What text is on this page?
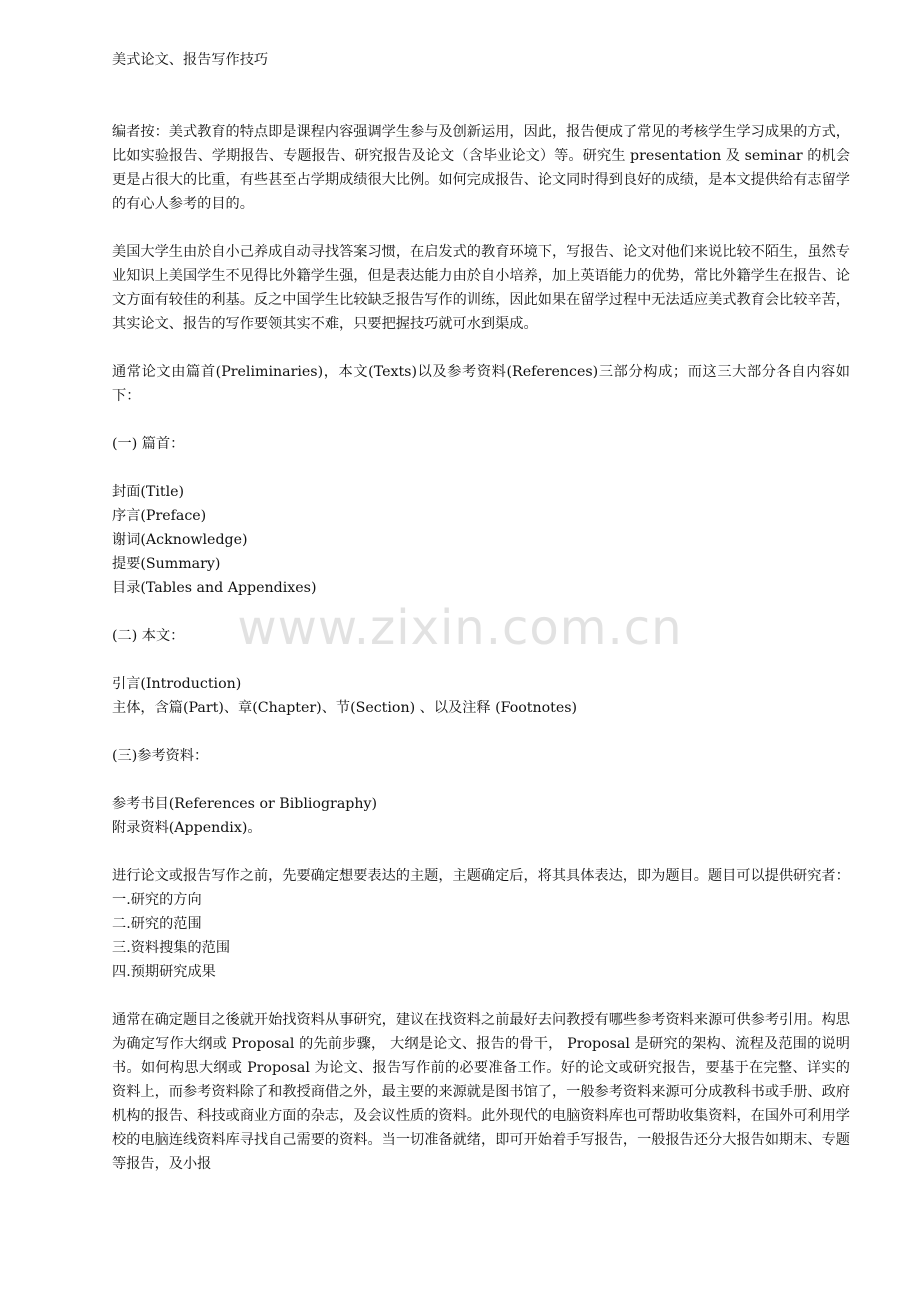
美式论文、报告写作技巧

编者按：美式教育的特点即是课程内容强调学生参与及创新运用，因此，报告便成了常见的考核学生学习成果的方式，比如实验报告、学期报告、专题报告、研究报告及论文（含毕业论文）等。研究生 presentation 及 seminar 的机会更是占很大的比重，有些甚至占学期成绩很大比例。如何完成报告、论文同时得到良好的成绩，是本文提供给有志留学的有心人参考的目的。

美国大学生由於自小己养成自动寻找答案习惯，在启发式的教育环境下，写报告、论文对他们来说比较不陌生，虽然专业知识上美国学生不见得比外籍学生强，但是表达能力由於自小培养，加上英语能力的优势，常比外籍学生在报告、论文方面有较佳的利基。反之中国学生比较缺乏报告写作的训练，因此如果在留学过程中无法适应美式教育会比较辛苦，其实论文、报告的写作要领其实不难，只要把握技巧就可水到渠成。

通常论文由篇首(Preliminaries)，本文(Texts)以及参考资料(References)三部分构成；而这三大部分各自内容如下：

(一) 篇首：
封面(Title)
序言(Preface)
谢词(Acknowledge)
提要(Summary)
目录(Tables and Appendixes)
(二) 本文：
引言(Introduction)
主体，含篇(Part)、章(Chapter)、节(Section) 、以及注释 (Footnotes)
(三)参考资料：
参考书目(References or Bibliography)
附录资料(Appendix)。
进行论文或报告写作之前，先要确定想要表达的主题，主题确定后，将其具体表达，即为题目。题目可以提供研究者：
一.研究的方向
二.研究的范围
三.资料搜集的范围
四.预期研究成果

通常在确定题目之後就开始找资料从事研究，建议在找资料之前最好去问教授有哪些参考资料来源可供参考引用。构思为确定写作大纲或 Proposal 的先前步骤， 大纲是论文、报告的骨干， Proposal 是研究的架构、流程及范围的说明书。如何构思大纲或 Proposal 为论文、报告写作前的必要准备工作。好的论文或研究报告，要基于在完整、详实的资料上，而参考资料除了和教授商借之外，最主要的来源就是图书馆了，一般参考资料来源可分成教科书或手册、政府机构的报告、科技或商业方面的杂志，及会议性质的资料。此外现代的电脑资料库也可帮助收集资料，在国外可利用学校的电脑连线资料库寻找自己需要的资料。当一切准备就绪，即可开始着手写报告，一般报告还分大报告如期末、专题等报告，及小报

www.zixin.com.cn
